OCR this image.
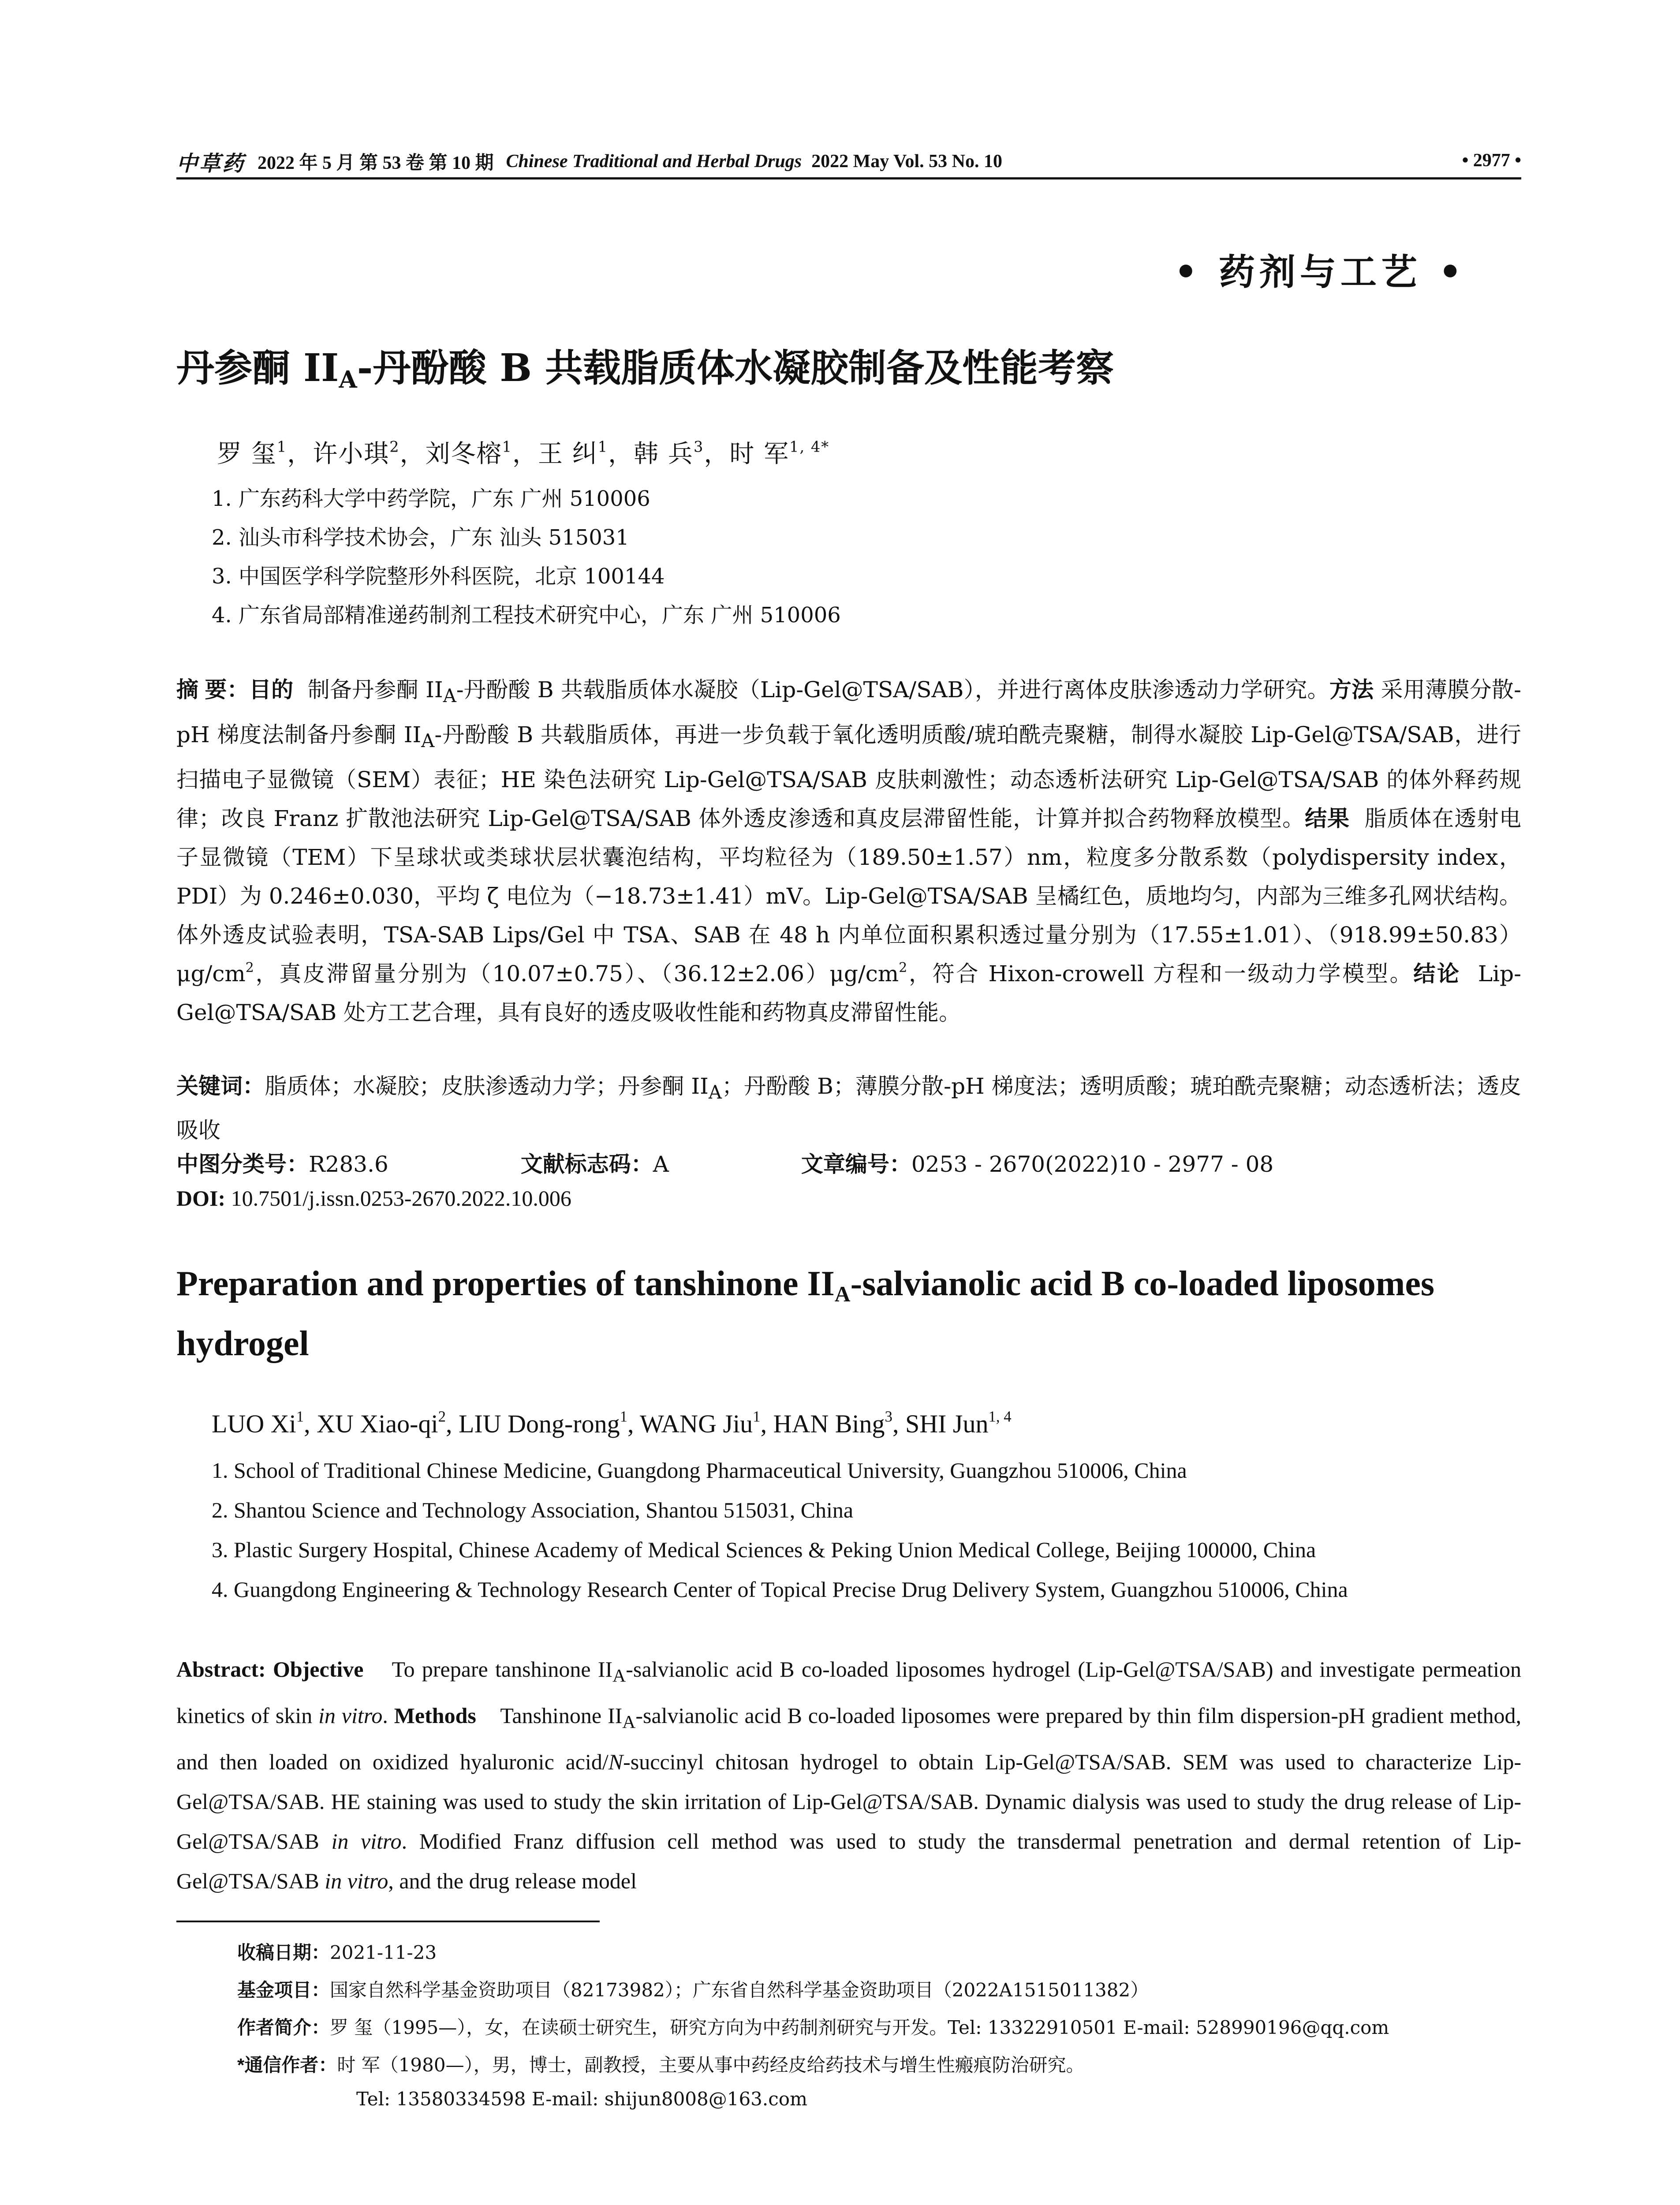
中草药 2022 年 5 月 第 53 卷 第 10 期 Chinese Traditional and Herbal Drugs 2022 May Vol. 53 No. 10	• 2977 •
• 药剂与工艺 •
丹参酮 $II_A-$丹酚酸 B 共载脂质体水凝胶制备及性能考察
罗 玺$^1$，许小琪$^2$，刘冬榕$^1$，王 纠$^1$，韩 兵$^3$，时 军$^{1, 4*}$
1. 广东药科大学中药学院，广东 广州 510006
2. 汕头市科学技术协会，广东 汕头 515031
3. 中国医学科学院整形外科医院，北京 100144
4. 广东省局部精准递药制剂工程技术研究中心，广东 广州 510006
摘 要：目的 制备丹参酮 $II_A-$丹酚酸 B 共载脂质体水凝胶（Lip-Gel@TSA/SAB），并进行离体皮肤渗透动力学研究。方法 采用薄膜分散-pH 梯度法制备丹参酮 $II_A-$丹酚酸 B 共载脂质体，再进一步负载于氧化透明质酸/琥珀酰壳聚糖，制得水凝胶 Lip-Gel@TSA/SAB，进行扫描电子显微镜（SEM）表征；HE 染色法研究 Lip-Gel@TSA/SAB 皮肤刺激性；动态透析法研究 Lip-Gel@TSA/SAB 的体外释药规律；改良 Franz 扩散池法研究 Lip-Gel@TSA/SAB 体外透皮渗透和真皮层滞留性能，计算并拟合药物释放模型。结果 脂质体在透射电子显微镜（TEM）下呈球状或类球状层状囊泡结构，平均粒径为（189.50±1.57）nm，粒度多分散系数（polydispersity index，PDI）为 0.246±0.030，平均 ζ 电位为（−18.73±1.41）mV。Lip-Gel@TSA/SAB 呈橘红色，质地均匀，内部为三维多孔网状结构。体外透皮试验表明，TSA-SAB Lips/Gel 中 TSA、SAB 在 48 h 内单位面积累积透过量分别为（17.55±1.01）、$(918.99\pm 50.83)\mu g/cm^2$，真皮滞留量分别为（10.07±0.75）、$(36.12\pm 2.06)\mu g/cm^2$，符合 Hixon-crowell 方程和一级动力学模型。结论 Lip-Gel@TSA/SAB 处方工艺合理，具有良好的透皮吸收性能和药物真皮滞留性能。
关键词：脂质体；水凝胶；皮肤渗透动力学；丹参酮 $II_A$；丹酚酸 B；薄膜分散-pH 梯度法；透明质酸；琥珀酰壳聚糖；动态透析法；透皮吸收
中图分类号：R283.6	文献标志码：A	文章编号：0253 - 2670(2022)10 - 2977 - 08
DOI: 10.7501/j.issn.0253-2670.2022.10.006
Preparation and properties of tanshinone $II_A$-salvianolic acid B co-loaded liposomes hydrogel
LUO Xi$^1$, XU Xiao-$qi^2$, LIU Dong-rong$^1$, WANG Jiu$^1$, HAN Bing$^3$, SHI Jun$^{1, 4}$
1. School of Traditional Chinese Medicine, Guangdong Pharmaceutical University, Guangzhou 510006, China
2. Shantou Science and Technology Association, Shantou 515031, China
3. Plastic Surgery Hospital, Chinese Academy of Medical Sciences & Peking Union Medical College, Beijing 100000, China
4. Guangdong Engineering & Technology Research Center of Topical Precise Drug Delivery System, Guangzhou 510006, China
Abstract: Objective To prepare tanshinone $II_A$-salvianolic acid B co-loaded liposomes hydrogel (Lip-Gel@TSA/SAB) and investigate permeation kinetics of skin in vitro. Methods Tanshinone $II_A$-salvianolic acid B co-loaded liposomes were prepared by thin film dispersion-pH gradient method, and then loaded on oxidized hyaluronic acid/N-succinyl chitosan hydrogel to obtain Lip-Gel@TSA/SAB. SEM was used to characterize Lip-Gel@TSA/SAB. HE staining was used to study the skin irritation of Lip-Gel@TSA/SAB. Dynamic dialysis was used to study the drug release of Lip-Gel@TSA/SAB in vitro. Modified Franz diffusion cell method was used to study the transdermal penetration and dermal retention of Lip-Gel@TSA/SAB in vitro, and the drug release model
收稿日期：2021-11-23
基金项目：国家自然科学基金资助项目（82173982）；广东省自然科学基金资助项目（2022A1515011382）
作者简介：罗 玺（1995—），女，在读硕士研究生，研究方向为中药制剂研究与开发。Tel: 13322910501 E-mail: 528990196@qq.com
*通信作者：时 军（1980—），男，博士，副教授，主要从事中药经皮给药技术与增生性瘢痕防治研究。
Tel: 13580334598 E-mail: shijun8008@163.com
